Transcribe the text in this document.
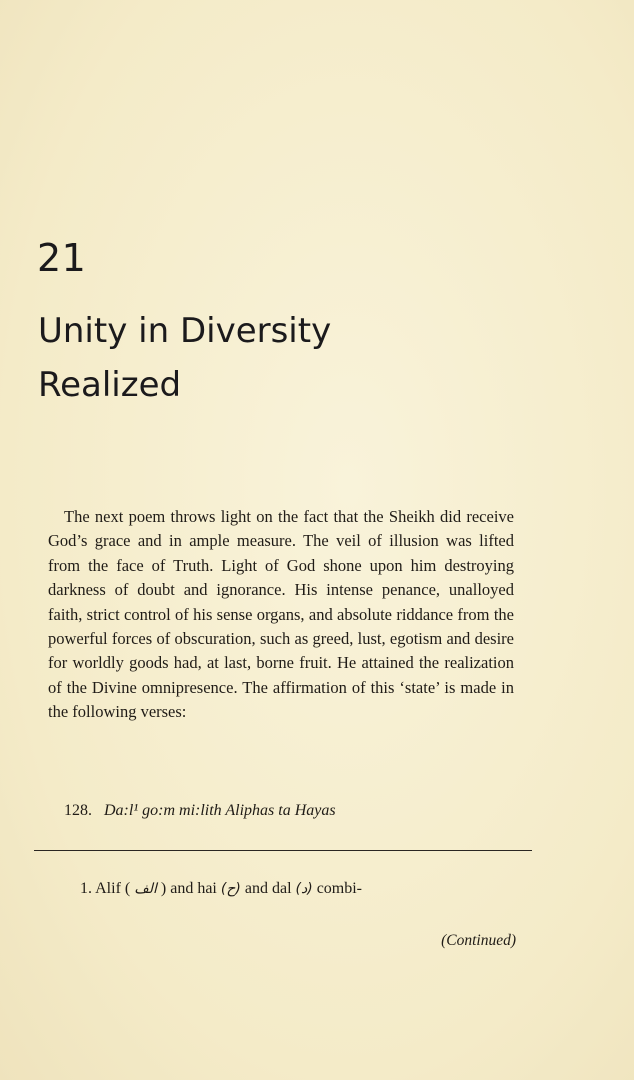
21
Unity in Diversity
Realized

The next poem throws light on the fact that the Sheikh did receive God’s grace and in ample measure. The veil of illusion was lifted from the face of Truth. Light of God shone upon him destroying darkness of doubt and ignorance. His intense penance, unalloyed faith, strict control of his sense organs, and absolute riddance from the powerful forces of obscuration, such as greed, lust, egotism and desire for worldly goods had, at last, borne fruit. He attained the realization of the Divine omnipresence. The affirmation of this ‘state’ is made in the following verses:

128. Da:l¹ go:m mi:lith Aliphas ta Hayas
1. Alif ( الف ) and hai (ح) and dal (د) combi-
(Continued)
